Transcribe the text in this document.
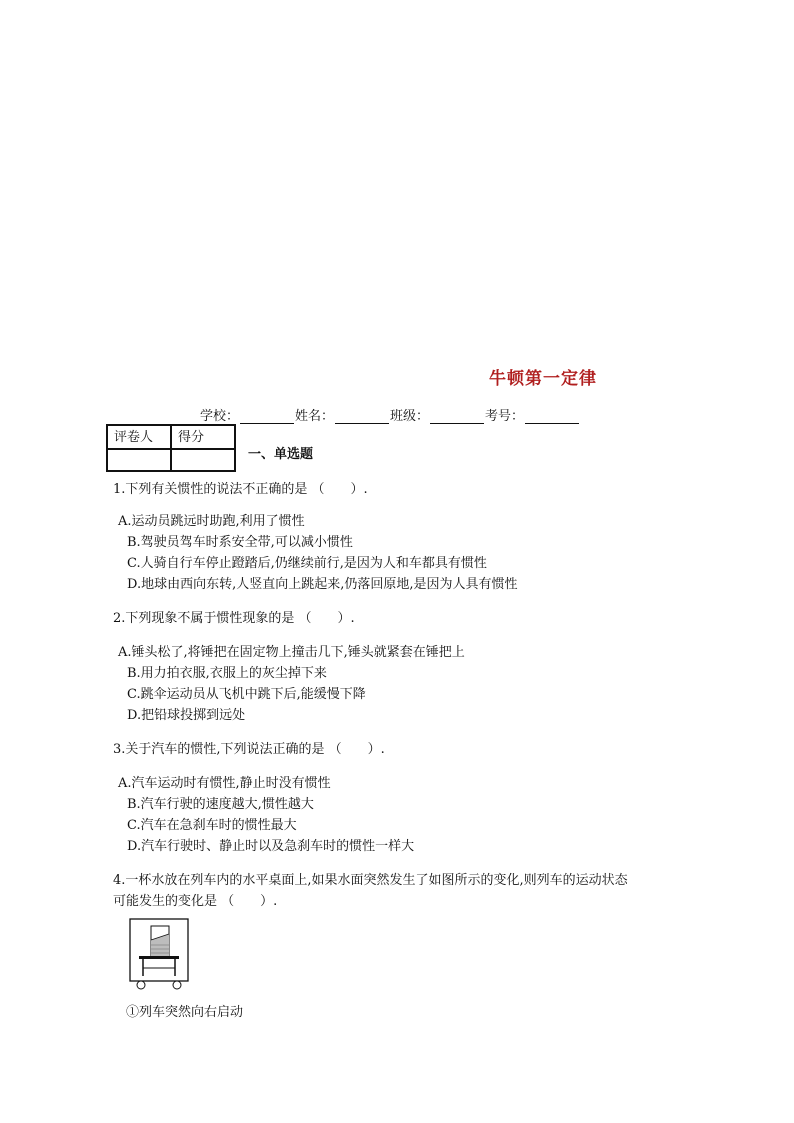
牛顿第一定律
学校：	姓名：	班级：	考号：
评卷人	得分

一、单选题
1.下列有关惯性的说法不正确的是 （　　）.
A.运动员跳远时助跑,利用了惯性
B.驾驶员驾车时系安全带,可以减小惯性
C.人骑自行车停止蹬踏后,仍继续前行,是因为人和车都具有惯性
D.地球由西向东转,人竖直向上跳起来,仍落回原地,是因为人具有惯性
2.下列现象不属于惯性现象的是 （　　）.
A.锤头松了,将锤把在固定物上撞击几下,锤头就紧套在锤把上
B.用力拍衣服,衣服上的灰尘掉下来
C.跳伞运动员从飞机中跳下后,能缓慢下降
D.把铅球投掷到远处
3.关于汽车的惯性,下列说法正确的是 （　　）.
A.汽车运动时有惯性,静止时没有惯性
B.汽车行驶的速度越大,惯性越大
C.汽车在急刹车时的惯性最大
D.汽车行驶时、静止时以及急刹车时的惯性一样大
4.一杯水放在列车内的水平桌面上,如果水面突然发生了如图所示的变化,则列车的运动状态
可能发生的变化是 （　　）.
①列车突然向右启动
